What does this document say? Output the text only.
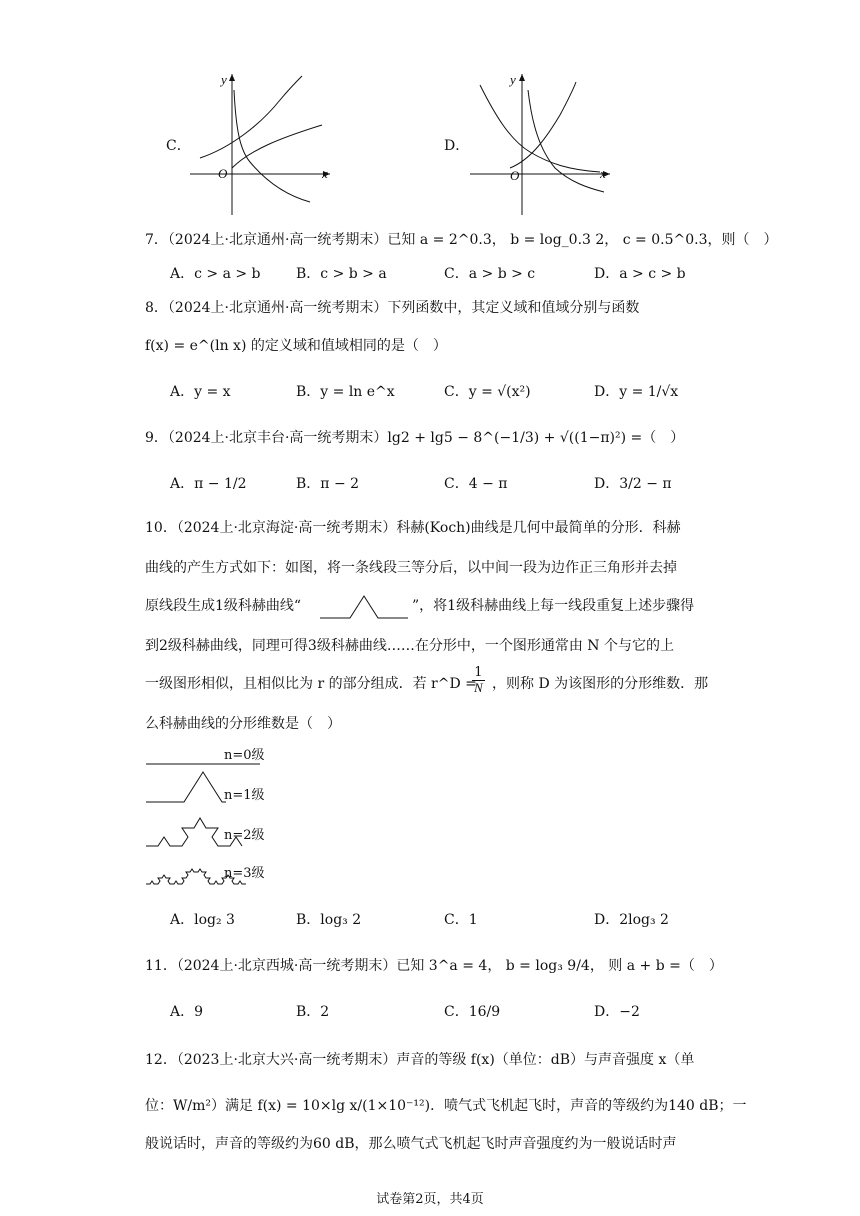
C．
y
x
O
D．
y
x
O
7．（2024上·北京通州·高一统考期末）已知 a = 2^0.3， b = log_0.3 2， c = 0.5^0.3，则（　）
A．c > a > b	B．c > b > a	C．a > b > c	D．a > c > b
8．（2024上·北京通州·高一统考期末）下列函数中，其定义域和值域分别与函数
f(x) = e^(ln x) 的定义域和值域相同的是（　）
A．y = x	B．y = ln e^x	C．y = √(x²)	D．y = 1/√x
9．（2024上·北京丰台·高一统考期末）lg2 + lg5 − 8^(−1/3) + √((1−π)²) =（　）
A．π − 1/2	B．π − 2	C．4 − π	D．3/2 − π
10．（2024上·北京海淀·高一统考期末）科赫(Koch)曲线是几何中最简单的分形．科赫
曲线的产生方式如下：如图，将一条线段三等分后，以中间一段为边作正三角形并去掉
原线段生成1级科赫曲线“	”，将1级科赫曲线上每一线段重复上述步骤得
到2级科赫曲线，同理可得3级科赫曲线……在分形中，一个图形通常由 N 个与它的上
一级图形相似，且相似比为 r 的部分组成．若 r^D =
$\frac{1}{N}$ ，则称 D 为该图形的分形维数．那
么科赫曲线的分形维数是（　）
n=0级
n=1级
n=2级
n=3级
A．log₂ 3	B．log₃ 2	C．1	D．2log₃ 2
11．（2024上·北京西城·高一统考期末）已知 3^a = 4， b = log₃ 9/4， 则 a + b =（　）
A．9	B．2	C．16/9	D．−2
12．（2023上·北京大兴·高一统考期末）声音的等级 f(x)（单位：dB）与声音强度 x（单
位：W/m²）满足 f(x) = 10×lg x/(1×10⁻¹²)．喷气式飞机起飞时，声音的等级约为140 dB；一
般说话时，声音的等级约为60 dB，那么喷气式飞机起飞时声音强度约为一般说话时声
试卷第2页，共4页
